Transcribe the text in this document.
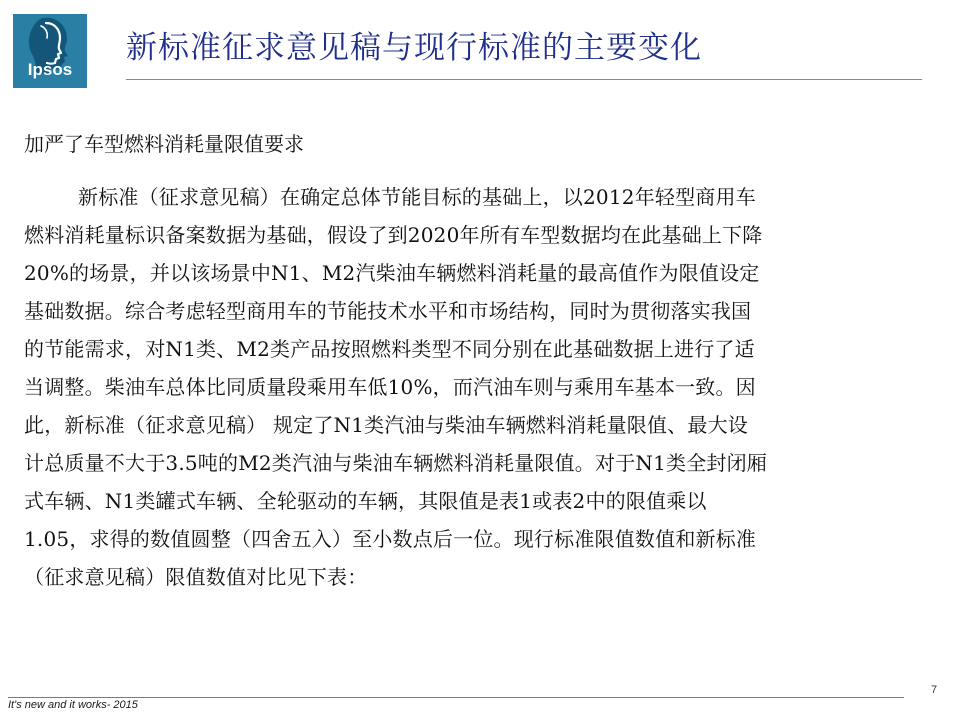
Ipsos
新标准征求意见稿与现行标准的主要变化
加严了车型燃料消耗量限值要求
新标准（征求意见稿）在确定总体节能目标的基础上，以2012年轻型商用车
燃料消耗量标识备案数据为基础，假设了到2020年所有车型数据均在此基础上下降
20%的场景，并以该场景中N1、M2汽柴油车辆燃料消耗量的最高值作为限值设定
基础数据。综合考虑轻型商用车的节能技术水平和市场结构，同时为贯彻落实我国
的节能需求，对N1类、M2类产品按照燃料类型不同分别在此基础数据上进行了适
当调整。柴油车总体比同质量段乘用车低10%，而汽油车则与乘用车基本一致。因
此，新标准（征求意见稿） 规定了N1类汽油与柴油车辆燃料消耗量限值、最大设
计总质量不大于3.5吨的M2类汽油与柴油车辆燃料消耗量限值。对于N1类全封闭厢
式车辆、N1类罐式车辆、全轮驱动的车辆，其限值是表1或表2中的限值乘以
1.05，求得的数值圆整（四舍五入）至小数点后一位。现行标准限值数值和新标准
（征求意见稿）限值数值对比见下表：
7
It's new and it works- 2015
